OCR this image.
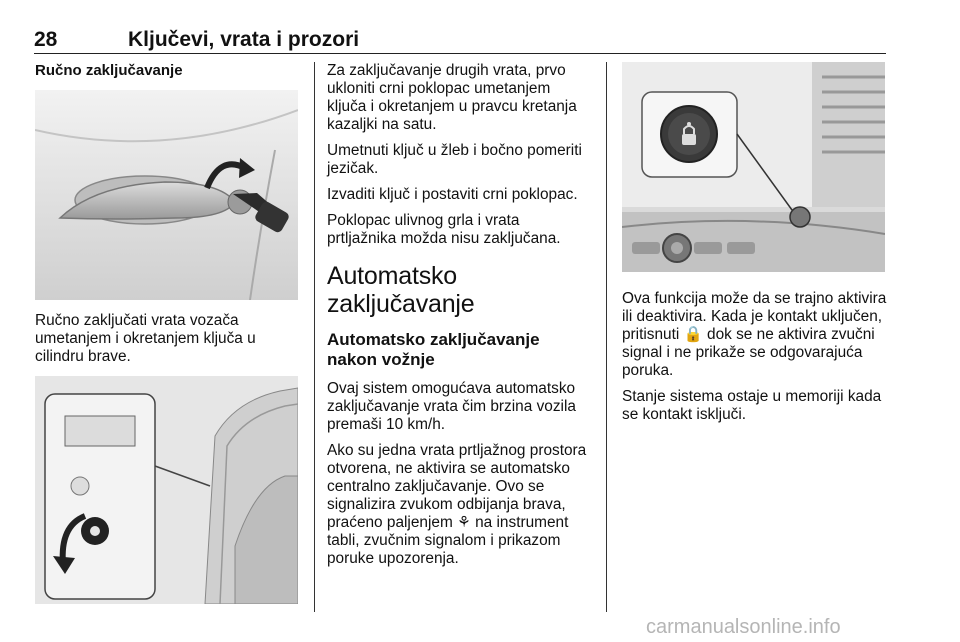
28	Ključevi, vrata i prozori
Ručno zaključavanje

Ručno zaključati vrata vozača umetanjem i okretanjem ključa u cilindru brave.

Za zaključavanje drugih vrata, prvo ukloniti crni poklopac umetanjem ključa i okretanjem u pravcu kretanja kazaljki na satu.

Umetnuti ključ u žleb i bočno pomeriti jezičak.

Izvaditi ključ i postaviti crni poklopac.

Poklopac ulivnog grla i vrata prtljažnika možda nisu zaključana.

Automatsko zaključavanje
Automatsko zaključavanje nakon vožnje

Ovaj sistem omogućava automatsko zaključavanje vrata čim brzina vozila premaši 10 km/h.

Ako su jedna vrata prtljažnog prostora otvorena, ne aktivira se automatsko centralno zaključavanje. Ovo se signalizira zvukom odbijanja brava, praćeno paljenjem ⚘ na instrument tabli, zvučnim signalom i prikazom poruke upozorenja.

Ova funkcija može da se trajno aktivira ili deaktivira. Kada je kontakt uključen, pritisnuti 🔒 dok se ne aktivira zvučni signal i ne prikaže se odgovarajuća poruka.

Stanje sistema ostaje u memoriji kada se kontakt isključi.

carmanualsonline.info
